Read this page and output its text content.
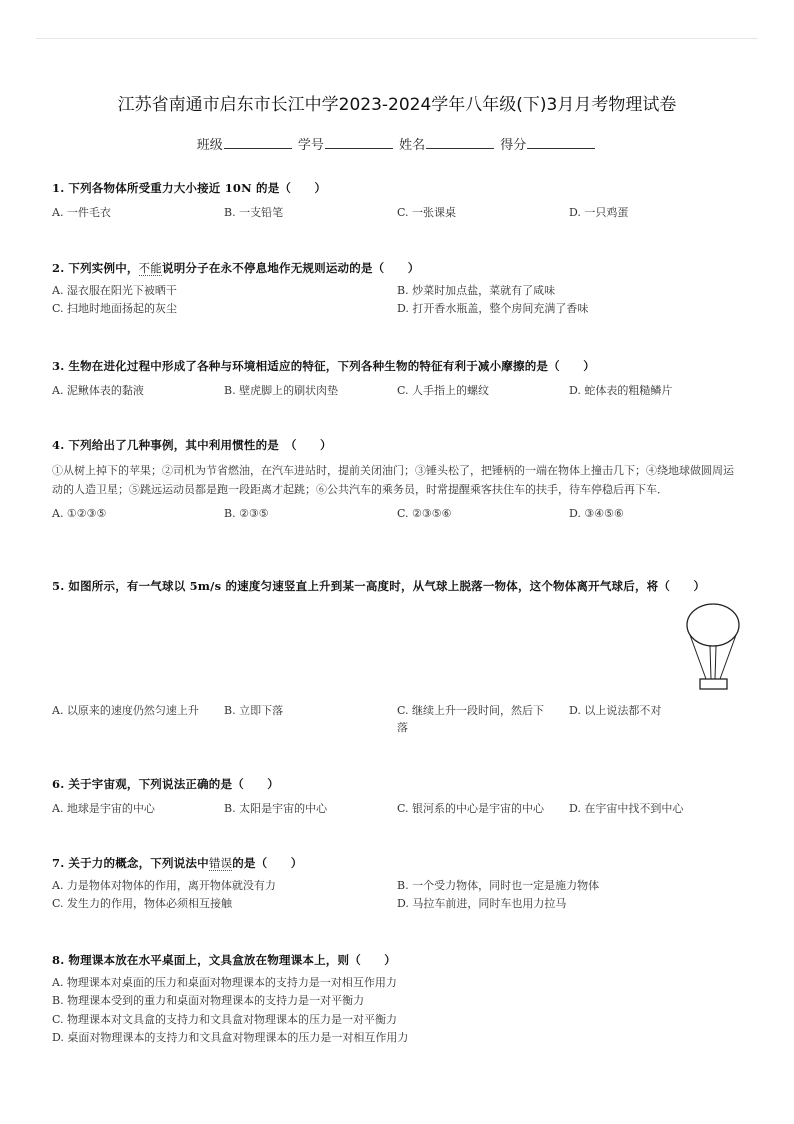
江苏省南通市启东市长江中学2023-2024学年八年级(下)3月月考物理试卷
班级	学号	姓名	得分
1. 下列各物体所受重力大小接近 10N 的是（　　）
A. 一件毛衣	B. 一支铅笔	C. 一张课桌	D. 一只鸡蛋
2. 下列实例中，不能说明分子在永不停息地作无规则运动的是（　　）
A. 湿衣服在阳光下被晒干	B. 炒菜时加点盐，菜就有了咸味
C. 扫地时地面扬起的灰尘	D. 打开香水瓶盖，整个房间充满了香味
3. 生物在进化过程中形成了各种与环境相适应的特征，下列各种生物的特征有利于减小摩擦的是（　　）
A. 泥鳅体表的黏液	B. 壁虎脚上的刷状肉垫	C. 人手指上的螺纹	D. 蛇体表的粗糙鳞片
4. 下列给出了几种事例，其中利用惯性的是　（　　）
①从树上掉下的苹果；②司机为节省燃油，在汽车进站时，提前关闭油门；③锤头松了，把锤柄的一端在物体上撞击几下；④绕地球做圆周运动的人造卫星；⑤跳远运动员都是跑一段距离才起跳；⑥公共汽车的乘务员，时常提醒乘客扶住车的扶手，待车停稳后再下车．
A. ①②③⑤	B. ②③⑤	C. ②③⑤⑥	D. ③④⑤⑥
5. 如图所示，有一气球以 5m/s 的速度匀速竖直上升到某一高度时，从气球上脱落一物体，这个物体离开气球后，将（　　）
A. 以原来的速度仍然匀速上升 B. 立即下落	C. 继续上升一段时间，然后下落
D. 以上说法都不对
6. 关于宇宙观，下列说法正确的是（　　）
A. 地球是宇宙的中心	B. 太阳是宇宙的中心	C. 银河系的中心是宇宙的中心 D. 在宇宙中找不到中心
7. 关于力的概念，下列说法中错误的是（　　）
A. 力是物体对物体的作用，离开物体就没有力	B. 一个受力物体，同时也一定是施力物体
C. 发生力的作用，物体必须相互接触	D. 马拉车前进，同时车也用力拉马
8. 物理课本放在水平桌面上，文具盒放在物理课本上，则（　　）
A. 物理课本对桌面的压力和桌面对物理课本的支持力是一对相互作用力
B. 物理课本受到的重力和桌面对物理课本的支持力是一对平衡力
C. 物理课本对文具盒的支持力和文具盒对物理课本的压力是一对平衡力
D. 桌面对物理课本的支持力和文具盒对物理课本的压力是一对相互作用力
